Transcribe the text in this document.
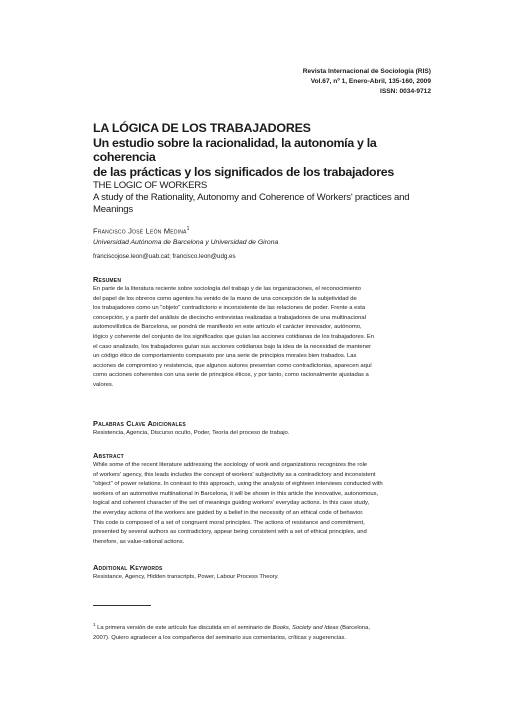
Revista Internacional de Sociología (RIS)
Vol.67, nº 1, Enero-Abril, 135-160, 2009
ISSN: 0034-9712
LA LÓGICA DE LOS TRABAJADORES
Un estudio sobre la racionalidad, la autonomía y la coherencia
de las prácticas y los significados de los trabajadores
THE LOGIC OF WORKERS
A study of the Rationality, Autonomy and Coherence of Workers' practices and
Meanings
Francisco José León Medina$^1$
Universidad Autónoma de Barcelona y Universidad de Girona
franciscojose.leon@uab.cat; francisco.leon@udg.es
Resumen
En parte de la literatura reciente sobre sociología del trabajo y de las organizaciones, el reconocimiento
del papel de los obreros como agentes ha venido de la mano de una concepción de la subjetividad de
los trabajadores como un "objeto" contradictorio e inconsistente de las relaciones de poder. Frente a esta
concepción, y a partir del análisis de dieciocho entrevistas realizadas a trabajadores de una multinacional
automovilística de Barcelona, se pondrá de manifiesto en este artículo el carácter innovador, autónomo,
lógico y coherente del conjunto de los significados que guían las acciones cotidianas de los trabajadores. En
el caso analizado, los trabajadores guían sus acciones cotidianas bajo la idea de la necesidad de mantener
un código ético de comportamiento compuesto por una serie de principios morales bien trabados. Las
acciones de compromiso y resistencia, que algunos autores presentan como contradictorias, aparecen aquí
como acciones coherentes con una serie de principios éticos, y por tanto, como racionalmente ajustadas a
valores.
Palabras Clave Adicionales
Resistencia, Agencia, Discurso oculto, Poder, Teoría del proceso de trabajo.
Abstract
While some of the recent literature addressing the sociology of work and organizations recognizes the role
of workers' agency, this leads includes the concept of workers' subjectivity as a contradictory and inconsistent
"object" of power relations. In contrast to this approach, using the analysis of eighteen interviews conducted with
workers of an automotive multinational in Barcelona, it will be shown in this article the innovative, autonomous,
logical and coherent character of the set of meanings guiding workers' everyday actions. In this case study,
the everyday actions of the workers are guided by a belief in the necessity of an ethical code of behavior.
This code is composed of a set of congruent moral principles. The actions of resistance and commitment,
presented by several authors as contradictory, appear being consistent with a set of ethical principles, and
therefore, as value-rational actions.
Additional Keywords
Resistance, Agency, Hidden transcripts, Power, Labour Process Theory.
$^1$ La primera versión de este artículo fue discutida en el seminario de Books, Society and Ideas (Barcelona,
2007). Quiero agradecer a los compañeros del seminario sus comentarios, críticas y sugerencias.
